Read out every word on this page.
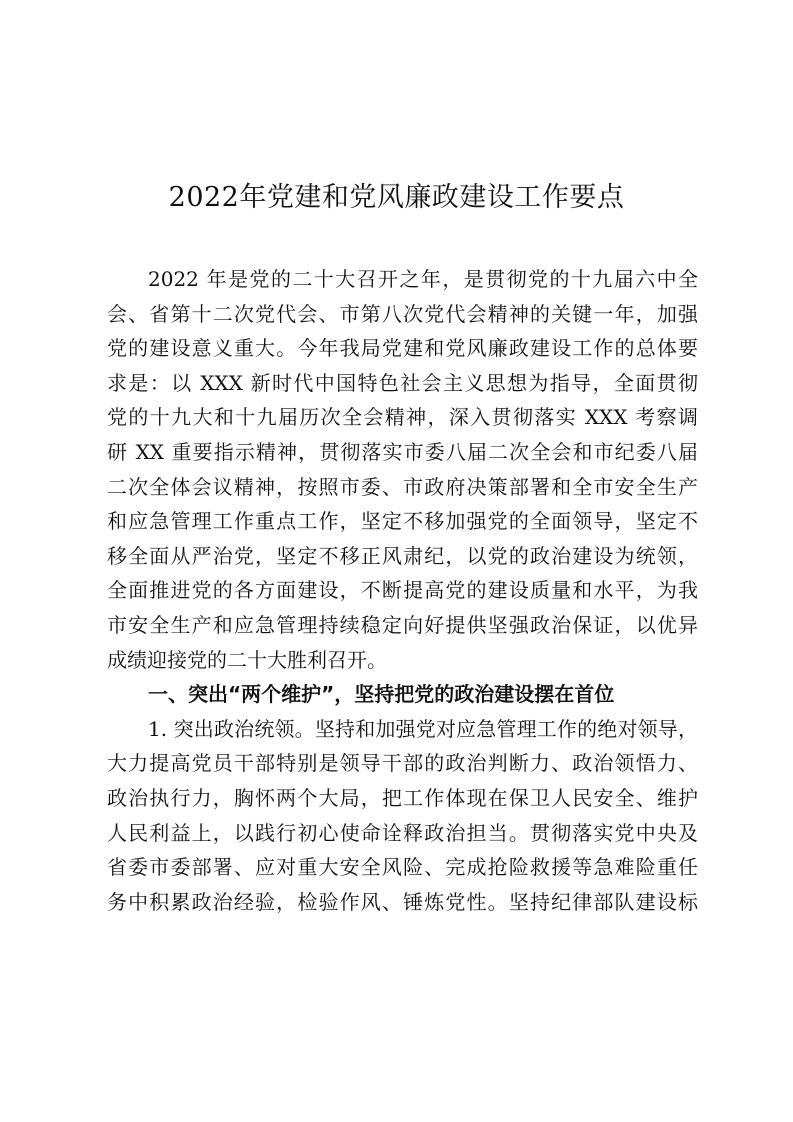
2022年党建和党风廉政建设工作要点
2022 年是党的二十大召开之年，是贯彻党的十九届六中全
会、省第十二次党代会、市第八次党代会精神的关键一年，加强
党的建设意义重大。今年我局党建和党风廉政建设工作的总体要
求是：以 XXX 新时代中国特色社会主义思想为指导，全面贯彻
党的十九大和十九届历次全会精神，深入贯彻落实 XXX 考察调
研 XX 重要指示精神，贯彻落实市委八届二次全会和市纪委八届
二次全体会议精神，按照市委、市政府决策部署和全市安全生产
和应急管理工作重点工作，坚定不移加强党的全面领导，坚定不
移全面从严治党，坚定不移正风肃纪，以党的政治建设为统领，
全面推进党的各方面建设，不断提高党的建设质量和水平，为我
市安全生产和应急管理持续稳定向好提供坚强政治保证，以优异
成绩迎接党的二十大胜利召开。
一、突出“两个维护”，坚持把党的政治建设摆在首位
1. 突出政治统领。坚持和加强党对应急管理工作的绝对领导，
大力提高党员干部特别是领导干部的政治判断力、政治领悟力、
政治执行力，胸怀两个大局，把工作体现在保卫人民安全、维护
人民利益上，以践行初心使命诠释政治担当。贯彻落实党中央及
省委市委部署、应对重大安全风险、完成抢险救援等急难险重任
务中积累政治经验，检验作风、锤炼党性。坚持纪律部队建设标
